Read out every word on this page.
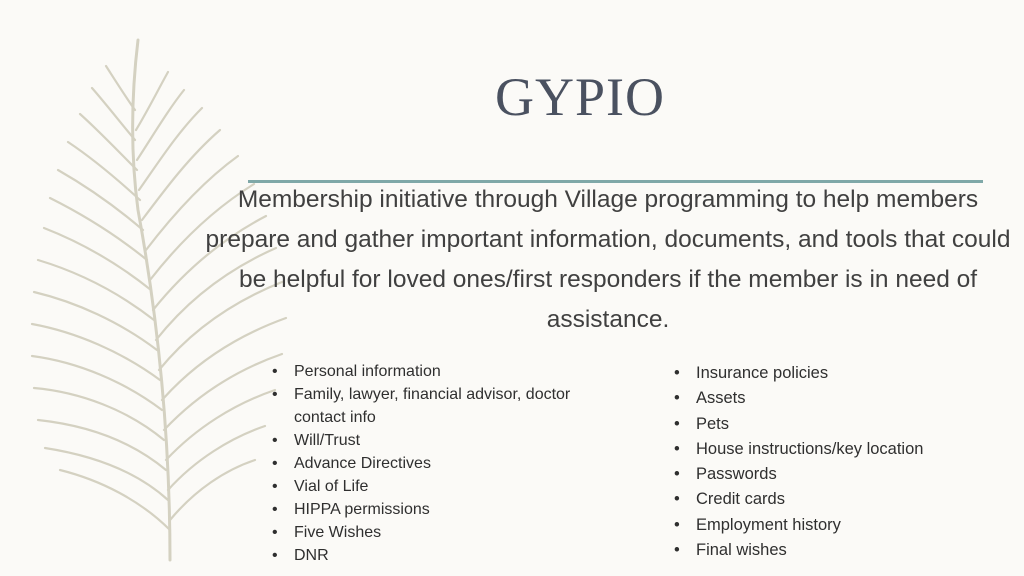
GYPIO

Membership initiative through Village programming to help members prepare and gather important information, documents, and tools that could be helpful for loved ones/first responders if the member is in need of assistance.

• Personal information
• Family, lawyer, financial advisor, doctor contact info
• Will/Trust
• Advance Directives
• Vial of Life
• HIPPA permissions
• Five Wishes
• DNR
• Insurance policies
• Assets
• Pets
• House instructions/key location
• Passwords
• Credit cards
• Employment history
• Final wishes
